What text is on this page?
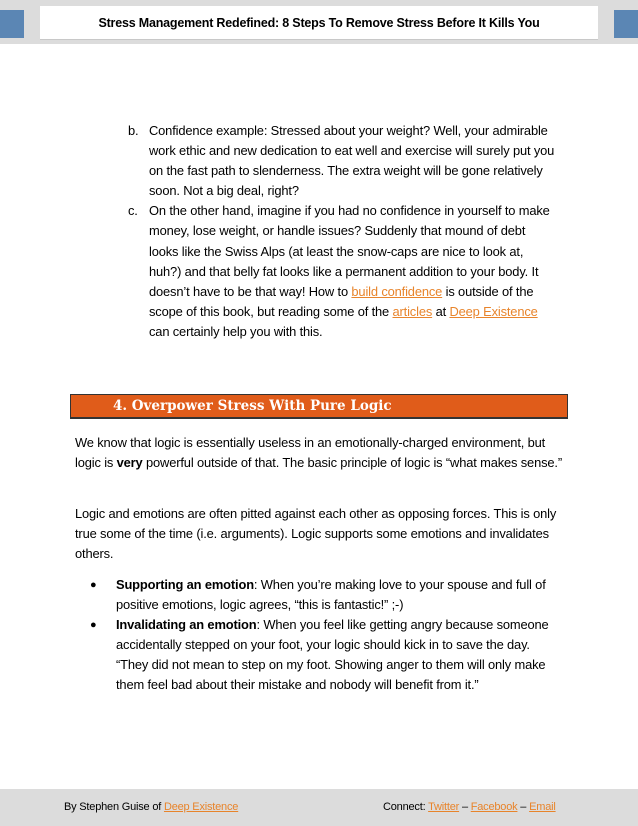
Stress Management Redefined: 8 Steps To Remove Stress Before It Kills You
b. Confidence example: Stressed about your weight? Well, your admirable work ethic and new dedication to eat well and exercise will surely put you on the fast path to slenderness. The extra weight will be gone relatively soon. Not a big deal, right?
c. On the other hand, imagine if you had no confidence in yourself to make money, lose weight, or handle issues? Suddenly that mound of debt looks like the Swiss Alps (at least the snow-caps are nice to look at, huh?) and that belly fat looks like a permanent addition to your body. It doesn’t have to be that way! How to build confidence is outside of the scope of this book, but reading some of the articles at Deep Existence can certainly help you with this.
4. Overpower Stress With Pure Logic

We know that logic is essentially useless in an emotionally-charged environment, but logic is very powerful outside of that. The basic principle of logic is “what makes sense.”

Logic and emotions are often pitted against each other as opposing forces. This is only true some of the time (i.e. arguments). Logic supports some emotions and invalidates others.

●	Supporting an emotion: When you’re making love to your spouse and full of positive emotions, logic agrees, “this is fantastic!” ;-)
●	Invalidating an emotion: When you feel like getting angry because someone accidentally stepped on your foot, your logic should kick in to save the day. “They did not mean to step on my foot. Showing anger to them will only make them feel bad about their mistake and nobody will benefit from it.”
By Stephen Guise of Deep Existence	Connect: Twitter – Facebook – Email
